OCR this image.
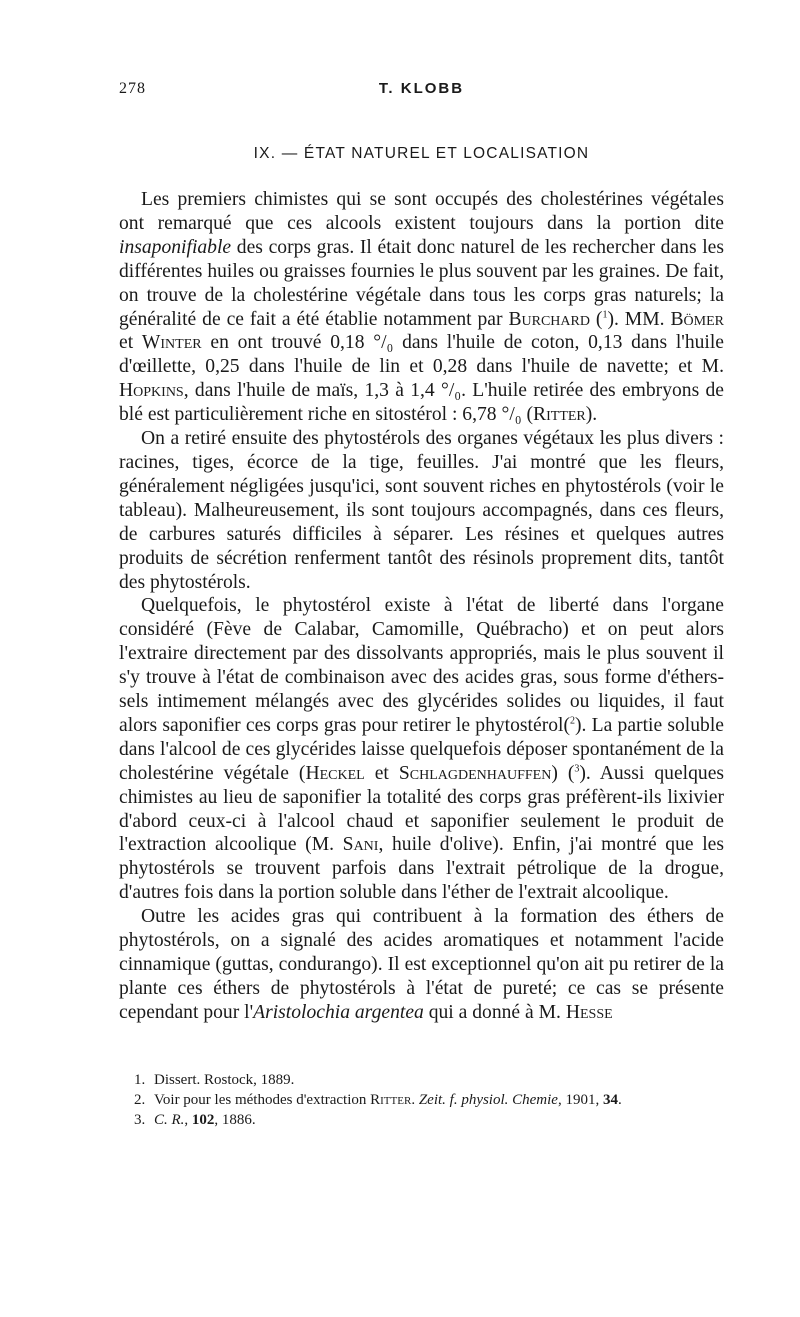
278	T. KLOBB
IX. — ÉTAT NATUREL ET LOCALISATION

Les premiers chimistes qui se sont occupés des cholestérines végétales ont remarqué que ces alcools existent toujours dans la portion dite insaponifiable des corps gras. Il était donc naturel de les rechercher dans les différentes huiles ou graisses fournies le plus souvent par les graines. De fait, on trouve de la cholestérine végétale dans tous les corps gras naturels; la généralité de ce fait a été établie notamment par Burchard ($^1$). MM. Bömer et Winter en ont trouvé 0,18 °/₀ dans l'huile de coton, 0,13 dans l'huile d'œillette, 0,25 dans l'huile de lin et 0,28 dans l'huile de navette; et M. Hopkins, dans l'huile de maïs, 1,3 à 1,4 °/₀. L'huile retirée des embryons de blé est particulièrement riche en sitostérol : 6,78 °/₀ (Ritter).

On a retiré ensuite des phytostérols des organes végétaux les plus divers : racines, tiges, écorce de la tige, feuilles. J'ai montré que les fleurs, généralement négligées jusqu'ici, sont souvent riches en phytostérols (voir le tableau). Malheureusement, ils sont toujours accompagnés, dans ces fleurs, de carbures saturés difficiles à séparer. Les résines et quelques autres produits de sécrétion renferment tantôt des résinols proprement dits, tantôt des phytostérols.

Quelquefois, le phytostérol existe à l'état de liberté dans l'organe considéré (Fève de Calabar, Camomille, Québracho) et on peut alors l'extraire directement par des dissolvants appropriés, mais le plus souvent il s'y trouve à l'état de combinaison avec des acides gras, sous forme d'éthers-sels intimement mélangés avec des glycérides solides ou liquides, il faut alors saponifier ces corps gras pour retirer le phytostérol($^2$). La partie soluble dans l'alcool de ces glycérides laisse quelquefois déposer spontanément de la cholestérine végétale (Heckel et Schlagdenhauffen) ($^3$). Aussi quelques chimistes au lieu de saponifier la totalité des corps gras préfèrent-ils lixivier d'abord ceux-ci à l'alcool chaud et saponifier seulement le produit de l'extraction alcoolique (M. Sani, huile d'olive). Enfin, j'ai montré que les phytostérols se trouvent parfois dans l'extrait pétrolique de la drogue, d'autres fois dans la portion soluble dans l'éther de l'extrait alcoolique.

Outre les acides gras qui contribuent à la formation des éthers de phytostérols, on a signalé des acides aromatiques et notamment l'acide cinnamique (guttas, condurango). Il est exceptionnel qu'on ait pu retirer de la plante ces éthers de phytostérols à l'état de pureté; ce cas se présente cependant pour l'Aristolochia argentea qui a donné à M. Hesse

1. Dissert. Rostock, 1889.
2. Voir pour les méthodes d'extraction Ritter. Zeit. f. physiol. Chemie, 1901, 34.
3. C. R., 102, 1886.
